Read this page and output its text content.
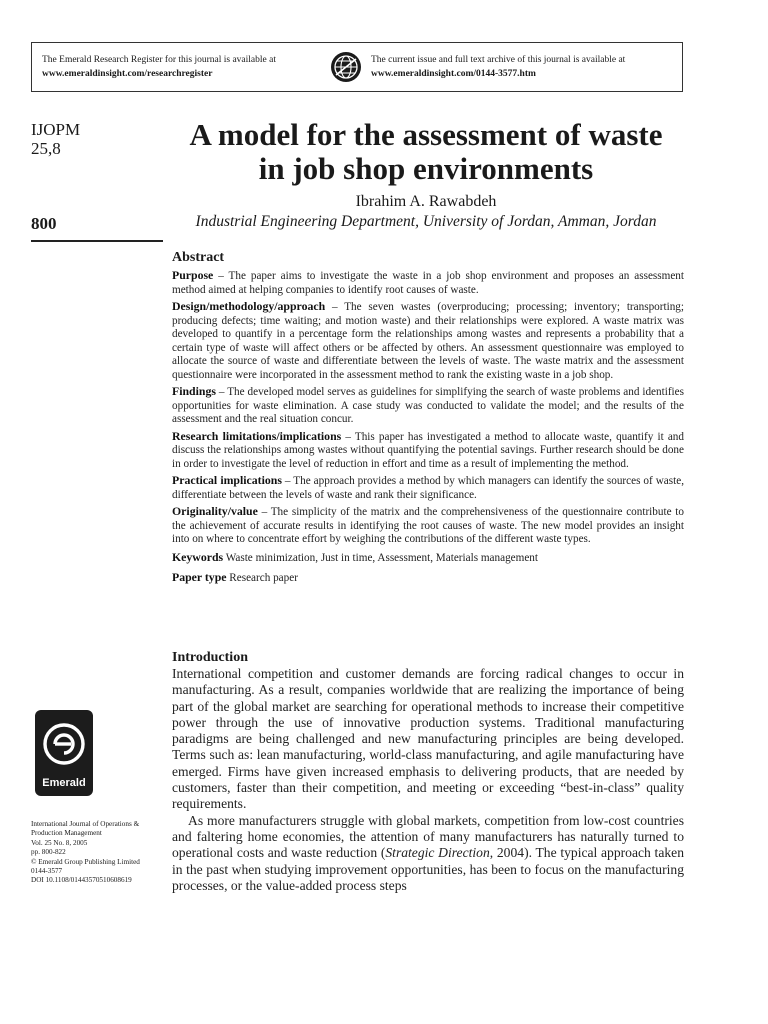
The Emerald Research Register for this journal is available at
www.emeraldinsight.com/researchregister
The current issue and full text archive of this journal is available at
www.emeraldinsight.com/0144-3577.htm
IJOPM
25,8
800
Emerald
International Journal of Operations &
Production Management
Vol. 25 No. 8, 2005
pp. 800-822
© Emerald Group Publishing Limited
0144-3577
DOI 10.1108/01443570510608619
A model for the assessment of waste in job shop environments
Ibrahim A. Rawabdeh
Industrial Engineering Department, University of Jordan, Amman, Jordan
Abstract

Purpose – The paper aims to investigate the waste in a job shop environment and proposes an assessment method aimed at helping companies to identify root causes of waste.

Design/methodology/approach – The seven wastes (overproducing; processing; inventory; transporting; producing defects; time waiting; and motion waste) and their relationships were explored. A waste matrix was developed to quantify in a percentage form the relationships among wastes and represents a probability that a certain type of waste will affect others or be affected by others. An assessment questionnaire was employed to allocate the source of waste and differentiate between the levels of waste. The waste matrix and the assessment questionnaire were incorporated in the assessment method to rank the existing waste in a job shop.

Findings – The developed model serves as guidelines for simplifying the search of waste problems and identifies opportunities for waste elimination. A case study was conducted to validate the model; and the results of the assessment and the real situation concur.

Research limitations/implications – This paper has investigated a method to allocate waste, quantify it and discuss the relationships among wastes without quantifying the potential savings. Further research should be done in order to investigate the level of reduction in effort and time as a result of implementing the method.

Practical implications – The approach provides a method by which managers can identify the sources of waste, differentiate between the levels of waste and rank their significance.

Originality/value – The simplicity of the matrix and the comprehensiveness of the questionnaire contribute to the achievement of accurate results in identifying the root causes of waste. The new model provides an insight into on where to concentrate effort by weighing the contributions of the different waste types.

Keywords Waste minimization, Just in time, Assessment, Materials management

Paper type Research paper

Introduction

International competition and customer demands are forcing radical changes to occur in manufacturing. As a result, companies worldwide that are realizing the importance of being part of the global market are searching for operational methods to increase their competitive power through the use of innovative production systems. Traditional manufacturing paradigms are being challenged and new manufacturing principles are being developed. Terms such as: lean manufacturing, world-class manufacturing, and agile manufacturing have emerged. Firms have given increased emphasis to delivering products, that are needed by customers, faster than their competition, and meeting or exceeding “best-in-class” quality requirements.

As more manufacturers struggle with global markets, competition from low-cost countries and faltering home economies, the attention of many manufacturers has naturally turned to operational costs and waste reduction (Strategic Direction, 2004). The typical approach taken in the past when studying improvement opportunities, has been to focus on the manufacturing processes, or the value-added process steps
